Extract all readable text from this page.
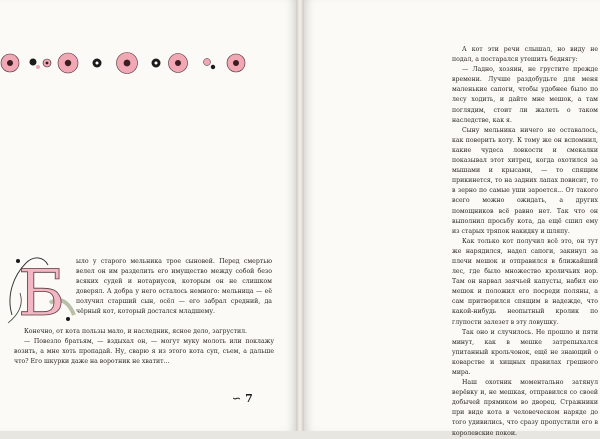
Б ыло у старого мельника трое сыновей. Перед смертью велел он им разделить его имущество между собой безо всяких судей и нотариусов, которым он не слишком доверял. А добра у него осталось немного: мельница — её получил старший сын, осёл — его забрал средний, да чёрный кот, который достался младшему.

Конечно, от кота пользы мало, и наследник, ясное дело, загрустил.

— Повезло братьям, — вздыхал он, — могут муку молоть или поклажу возить, а мне хоть пропадай. Ну, сварю я из этого кота суп, съем, а дальше что? Его шкурки даже на воротник не хватит...

∽ 7

А кот эти речи слышал, но виду не подал, а постарался утешить беднягу:

— Ладно, хозяин, не грустите прежде времени. Лучше раздобудьте для меня маленькие сапоги, чтобы удобнее было по лесу ходить, и дайте мне мешок, а там поглядим, стоит ли жалеть о таком наследстве, как я.

Сыну мельника ничего не оставалось, как поверить коту. К тому же он вспомнил, какие чудеса ловкости и смекалки показывал этот хитрец, когда охотился за мышами и крысами, — то спящим прикинется, то на задних лапах повисит, то в зерно по самые уши зароется... От такого всего можно ожидать, а других помощников всё равно нет. Так что он выполнил просьбу кота, да ещё сшил ему из старых тряпок накидку и шляпу.

Как только кот получил всё это, он тут же нарядился, надел сапоги, закинул за плечи мешок и отправился в ближайший лес, где было множество кроличьих нор. Там он нарвал заячьей капусты, набил ею мешок и положил его посреди поляны, а сам притворился спящим в надежде, что какой-нибудь неопытный кролик по глупости залезет в эту ловушку.

Так оно и случилось. Не прошло и пяти минут, как в мешке затрепыхался упитанный крольчонок, ещё не знающий о коварстве и хищных правилах грешного мира.

Наш охотник моментально затянул верёвку и, не мешкая, отправился со своей добычей прямиком во дворец. Стражники при виде кота в человеческом наряде до того удивились, что сразу пропустили его в королевские покои.
